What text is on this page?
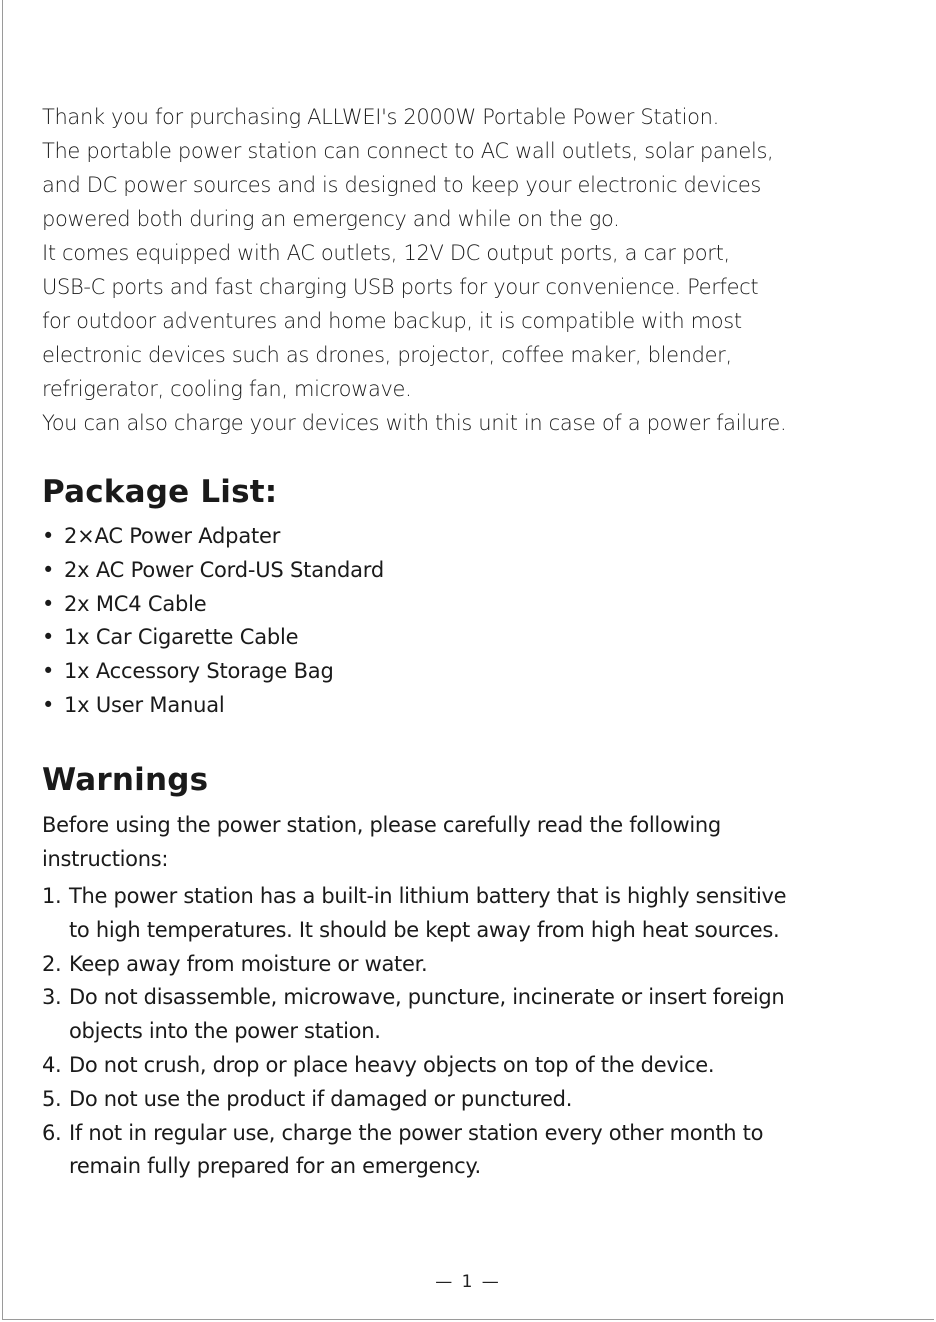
Thank you for purchasing ALLWEI's 2000W Portable Power Station.

The portable power station can connect to AC wall outlets, solar panels,

and DC power sources and is designed to keep your electronic devices

powered both during an emergency and while on the go.

It comes equipped with AC outlets, 12V DC output ports, a car port,

USB-C ports and fast charging USB ports for your convenience. Perfect

for outdoor adventures and home backup, it is compatible with most

electronic devices such as drones, projector, coffee maker, blender,

refrigerator, cooling fan, microwave.

You can also charge your devices with this unit in case of a power failure.

Package List:
• 2×AC Power Adpater
• 2x AC Power Cord-US Standard
• 2x MC4 Cable
• 1x Car Cigarette Cable
• 1x Accessory Storage Bag
• 1x User Manual
Warnings

Before using the power station, please carefully read the following
instructions:

1. The power station has a built-in lithium battery that is highly sensitive
to high temperatures. It should be kept away from high heat sources.
2. Keep away from moisture or water.
3. Do not disassemble, microwave, puncture, incinerate or insert foreign
objects into the power station.
4. Do not crush, drop or place heavy objects on top of the device.
5. Do not use the product if damaged or punctured.
6. If not in regular use, charge the power station every other month to
remain fully prepared for an emergency.
— 1 —
